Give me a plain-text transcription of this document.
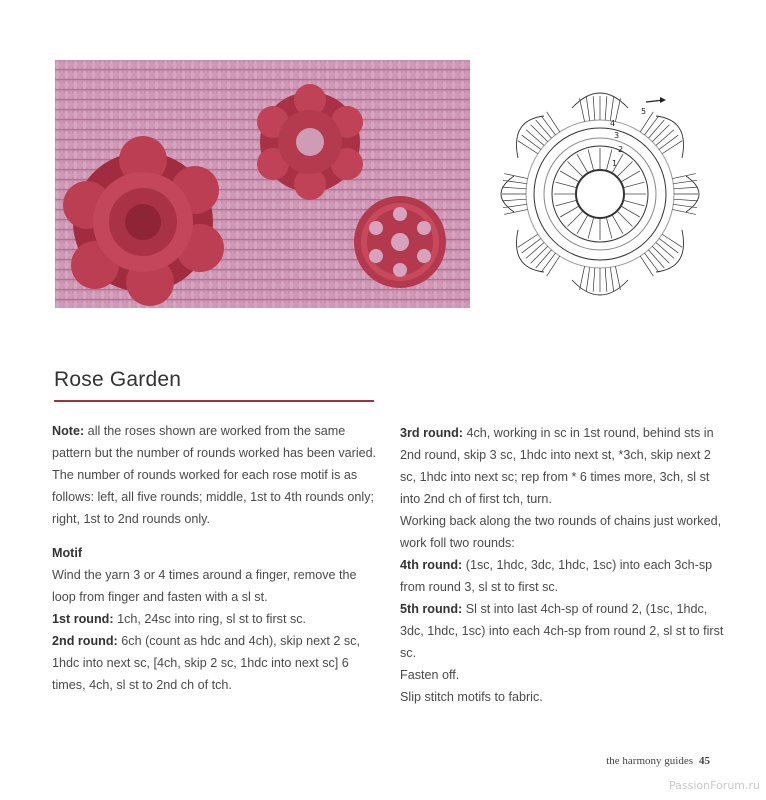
5
4
3
2
1
Rose Garden

Note: all the roses shown are worked from the same pattern but the number of rounds worked has been varied. The number of rounds worked for each rose motif is as follows: left, all five rounds; middle, 1st to 4th rounds only; right, 1st to 2nd rounds only.

Motif

Wind the yarn 3 or 4 times around a finger, remove the loop from finger and fasten with a sl st.

1st round: 1ch, 24sc into ring, sl st to first sc.

2nd round: 6ch (count as hdc and 4ch), skip next 2 sc, 1hdc into next sc, [4ch, skip 2 sc, 1hdc into next sc] 6 times, 4ch, sl st to 2nd ch of tch.

3rd round: 4ch, working in sc in 1st round, behind sts in 2nd round, skip 3 sc, 1hdc into next st, *3ch, skip next 2 sc, 1hdc into next sc; rep from * 6 times more, 3ch, sl st into 2nd ch of first tch, turn.

Working back along the two rounds of chains just worked, work foll two rounds:

4th round: (1sc, 1hdc, 3dc, 1hdc, 1sc) into each 3ch-sp from round 3, sl st to first sc.

5th round: Sl st into last 4ch-sp of round 2, (1sc, 1hdc, 3dc, 1hdc, 1sc) into each 4ch-sp from round 2, sl st to first sc.

Fasten off.

Slip stitch motifs to fabric.

the harmony guides 45
PassionForum.ru
